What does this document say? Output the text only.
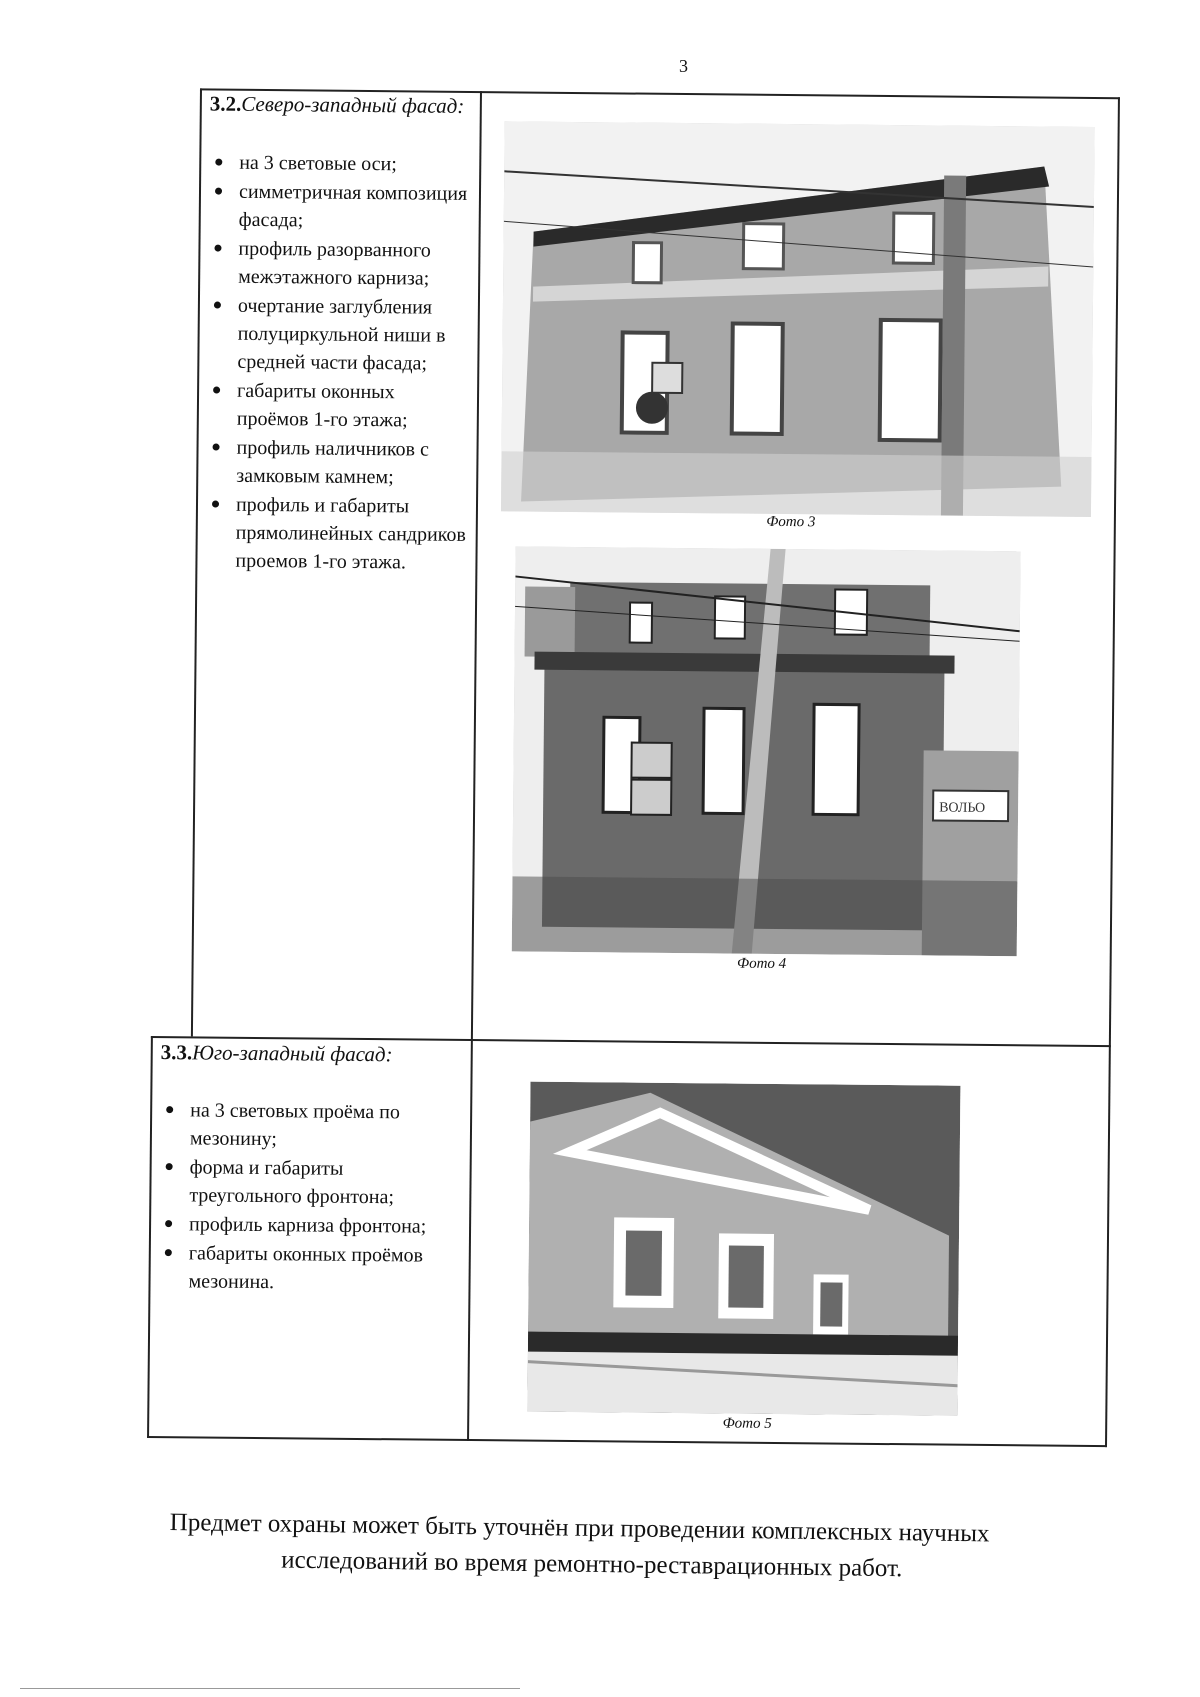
3
3.2.Северо-западный фасад:
на 3 световые оси;
симметричная композиция фасада;
профиль разорванного межэтажного карниза;
очертание заглубления полуциркульной ниши в средней части фасада;
габариты оконных проёмов 1-го этажа;
профиль наличников с замковым камнем;
профиль и габариты прямолинейных сандриков проемов 1-го этажа.
Фото 3
ВОЛЬО
Фото 4
3.3.Юго-западный фасад:
на 3 световых проёма по мезонину;
форма и габариты треугольного фронтона;
профиль карниза фронтона;
габариты оконных проёмов мезонина.
Фото 5
Предмет охраны может быть уточнён при проведении комплексных научных
исследований во время ремонтно-реставрационных работ.
